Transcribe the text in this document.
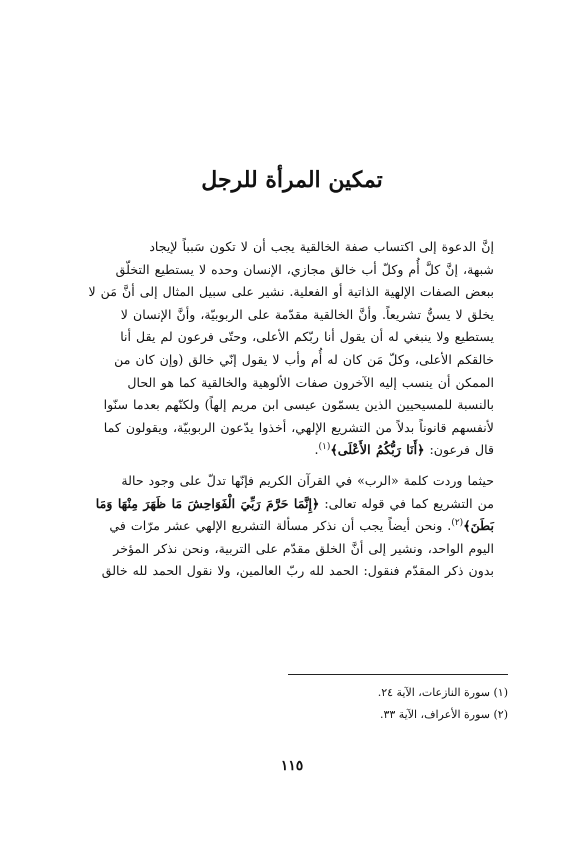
تمكين المرأة للرجل

إنَّ الدعوة إلى اكتساب صفة الخالقية يجب أن لا تكون سَبباً لإيجاد
شبهة، إنَّ كلَّ أُم وكلّ أب خالق مجازي، الإنسان وحده لا يستطيع التخلّق
ببعض الصفات الإلهية الذاتية أو الفعلية. نشير على سبيل المثال إلى أنَّ مَن لا
يخلق لا يسنُّ تشريعاً. وأنَّ الخالقية مقدّمة على الربوبيّة، وأنَّ الإنسان لا
يستطيع ولا ينبغي له أن يقول أنا ربّكم الأعلى، وحتّى فرعون لم يقل أنا
خالقكم الأعلى، وكلّ مَن كان له أُم وأب لا يقول إنّي خالق (وإن كان من
الممكن أن ينسب إليه الآخرون صفات الألوهية والخالقية كما هو الحال
بالنسبة للمسيحيين الذين يسمّون عيسى ابن مريم إلهاً) ولكنّهم بعدما سنّوا
لأنفسهم قانوناً بدلاً من التشريع الإلهي، أخذوا يدّعون الربوبيّة، ويقولون كما
قال فرعون: ﴿أَنَا رَبُّكُمُ الأَعْلَى﴾$^{(١)}$.

حيثما وردت كلمة «الرب» في القرآن الكريم فإنّها تدلّ على وجود حالة
من التشريع كما في قوله تعالى: ﴿إِنَّمَا حَرَّمَ رَبِّيَ الْفَوَاحِشَ مَا ظَهَرَ مِنْهَا وَمَا
بَطَنَ﴾$^{(٢)}$. ونحن أيضاً يجب أن نذكر مسألة التشريع الإلهي عشر مرّات في
اليوم الواحد، ونشير إلى أنَّ الخلق مقدّم على التربية، ونحن نذكر المؤخر
بدون ذكر المقدّم فنقول: الحمد لله ربّ العالمين، ولا نقول الحمد لله خالق

(١) سورة النازعات، الآية ٢٤.
(٢) سورة الأعراف، الآية ٣٣.
١١٥
